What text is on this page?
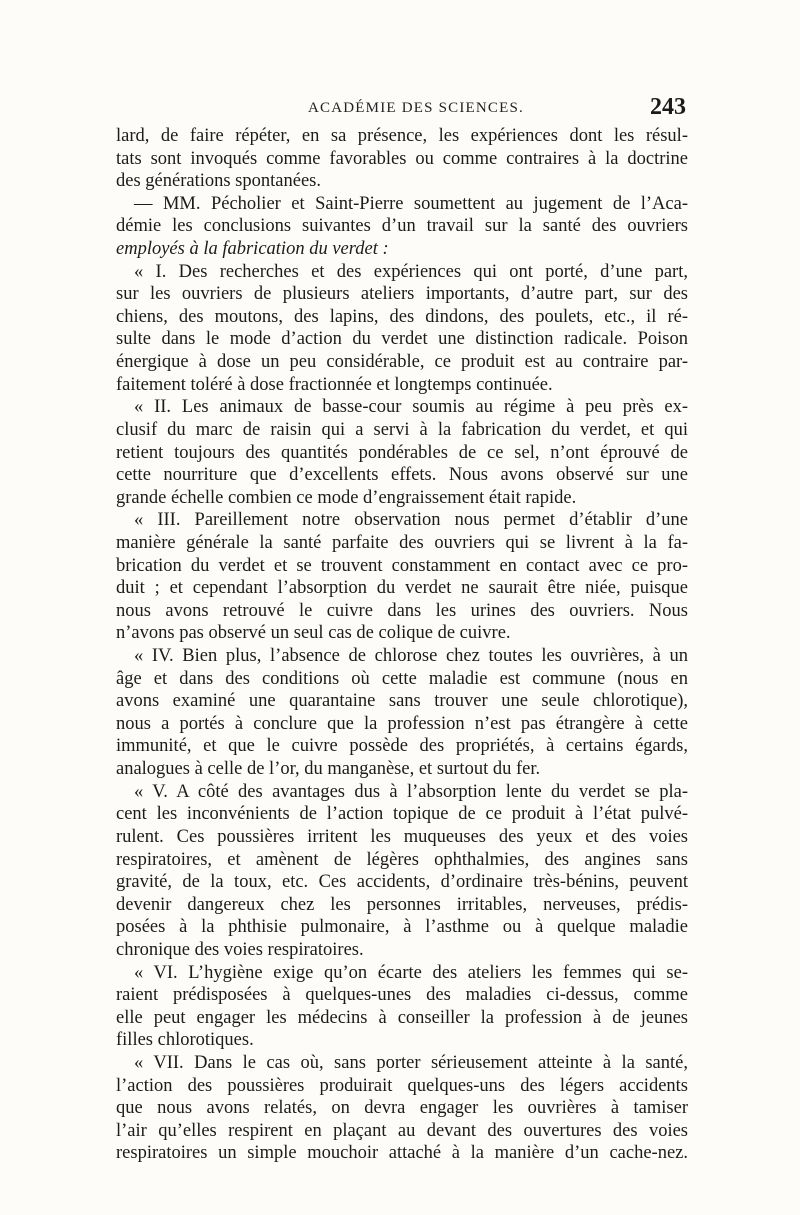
ACADÉMIE DES SCIENCES.	243
lard, de faire répéter, en sa présence, les expériences dont les résul-
tats sont invoqués comme favorables ou comme contraires à la doctrine
des générations spontanées.
— MM. Pécholier et Saint-Pierre soumettent au jugement de l’Aca-
démie les conclusions suivantes d’un travail sur la santé des ouvriers
employés à la fabrication du verdet :
« I. Des recherches et des expériences qui ont porté, d’une part,
sur les ouvriers de plusieurs ateliers importants, d’autre part, sur des
chiens, des moutons, des lapins, des dindons, des poulets, etc., il ré-
sulte dans le mode d’action du verdet une distinction radicale. Poison
énergique à dose un peu considérable, ce produit est au contraire par-
faitement toléré à dose fractionnée et longtemps continuée.
« II. Les animaux de basse-cour soumis au régime à peu près ex-
clusif du marc de raisin qui a servi à la fabrication du verdet, et qui
retient toujours des quantités pondérables de ce sel, n’ont éprouvé de
cette nourriture que d’excellents effets. Nous avons observé sur une
grande échelle combien ce mode d’engraissement était rapide.
« III. Pareillement notre observation nous permet d’établir d’une
manière générale la santé parfaite des ouvriers qui se livrent à la fa-
brication du verdet et se trouvent constamment en contact avec ce pro-
duit ; et cependant l’absorption du verdet ne saurait être niée, puisque
nous avons retrouvé le cuivre dans les urines des ouvriers. Nous
n’avons pas observé un seul cas de colique de cuivre.
« IV. Bien plus, l’absence de chlorose chez toutes les ouvrières, à un
âge et dans des conditions où cette maladie est commune (nous en
avons examiné une quarantaine sans trouver une seule chlorotique),
nous a portés à conclure que la profession n’est pas étrangère à cette
immunité, et que le cuivre possède des propriétés, à certains égards,
analogues à celle de l’or, du manganèse, et surtout du fer.
« V. A côté des avantages dus à l’absorption lente du verdet se pla-
cent les inconvénients de l’action topique de ce produit à l’état pulvé-
rulent. Ces poussières irritent les muqueuses des yeux et des voies
respiratoires, et amènent de légères ophthalmies, des angines sans
gravité, de la toux, etc. Ces accidents, d’ordinaire très-bénins, peuvent
devenir dangereux chez les personnes irritables, nerveuses, prédis-
posées à la phthisie pulmonaire, à l’asthme ou à quelque maladie
chronique des voies respiratoires.
« VI. L’hygiène exige qu’on écarte des ateliers les femmes qui se-
raient prédisposées à quelques-unes des maladies ci-dessus, comme
elle peut engager les médecins à conseiller la profession à de jeunes
filles chlorotiques.
« VII. Dans le cas où, sans porter sérieusement atteinte à la santé,
l’action des poussières produirait quelques-uns des légers accidents
que nous avons relatés, on devra engager les ouvrières à tamiser
l’air qu’elles respirent en plaçant au devant des ouvertures des voies
respiratoires un simple mouchoir attaché à la manière d’un cache-nez.
